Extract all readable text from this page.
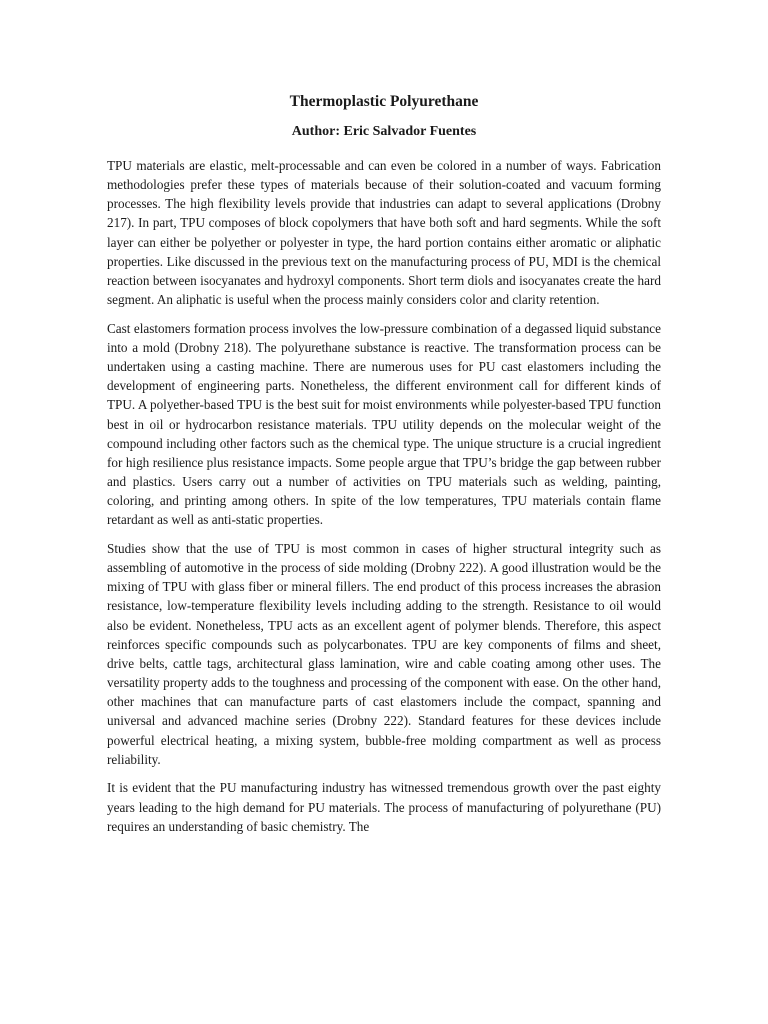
Thermoplastic Polyurethane
Author: Eric Salvador Fuentes

TPU materials are elastic, melt-processable and can even be colored in a number of ways. Fabrication methodologies prefer these types of materials because of their solution-coated and vacuum forming processes. The high flexibility levels provide that industries can adapt to several applications (Drobny 217). In part, TPU composes of block copolymers that have both soft and hard segments. While the soft layer can either be polyether or polyester in type, the hard portion contains either aromatic or aliphatic properties. Like discussed in the previous text on the manufacturing process of PU, MDI is the chemical reaction between isocyanates and hydroxyl components. Short term diols and isocyanates create the hard segment. An aliphatic is useful when the process mainly considers color and clarity retention.

Cast elastomers formation process involves the low-pressure combination of a degassed liquid substance into a mold (Drobny 218). The polyurethane substance is reactive. The transformation process can be undertaken using a casting machine. There are numerous uses for PU cast elastomers including the development of engineering parts. Nonetheless, the different environment call for different kinds of TPU. A polyether-based TPU is the best suit for moist environments while polyester-based TPU function best in oil or hydrocarbon resistance materials. TPU utility depends on the molecular weight of the compound including other factors such as the chemical type. The unique structure is a crucial ingredient for high resilience plus resistance impacts. Some people argue that TPU’s bridge the gap between rubber and plastics. Users carry out a number of activities on TPU materials such as welding, painting, coloring, and printing among others. In spite of the low temperatures, TPU materials contain flame retardant as well as anti-static properties.

Studies show that the use of TPU is most common in cases of higher structural integrity such as assembling of automotive in the process of side molding (Drobny 222). A good illustration would be the mixing of TPU with glass fiber or mineral fillers. The end product of this process increases the abrasion resistance, low-temperature flexibility levels including adding to the strength. Resistance to oil would also be evident. Nonetheless, TPU acts as an excellent agent of polymer blends. Therefore, this aspect reinforces specific compounds such as polycarbonates. TPU are key components of films and sheet, drive belts, cattle tags, architectural glass lamination, wire and cable coating among other uses. The versatility property adds to the toughness and processing of the component with ease. On the other hand, other machines that can manufacture parts of cast elastomers include the compact, spanning and universal and advanced machine series (Drobny 222). Standard features for these devices include powerful electrical heating, a mixing system, bubble-free molding compartment as well as process reliability.

It is evident that the PU manufacturing industry has witnessed tremendous growth over the past eighty years leading to the high demand for PU materials. The process of manufacturing of polyurethane (PU) requires an understanding of basic chemistry. The
